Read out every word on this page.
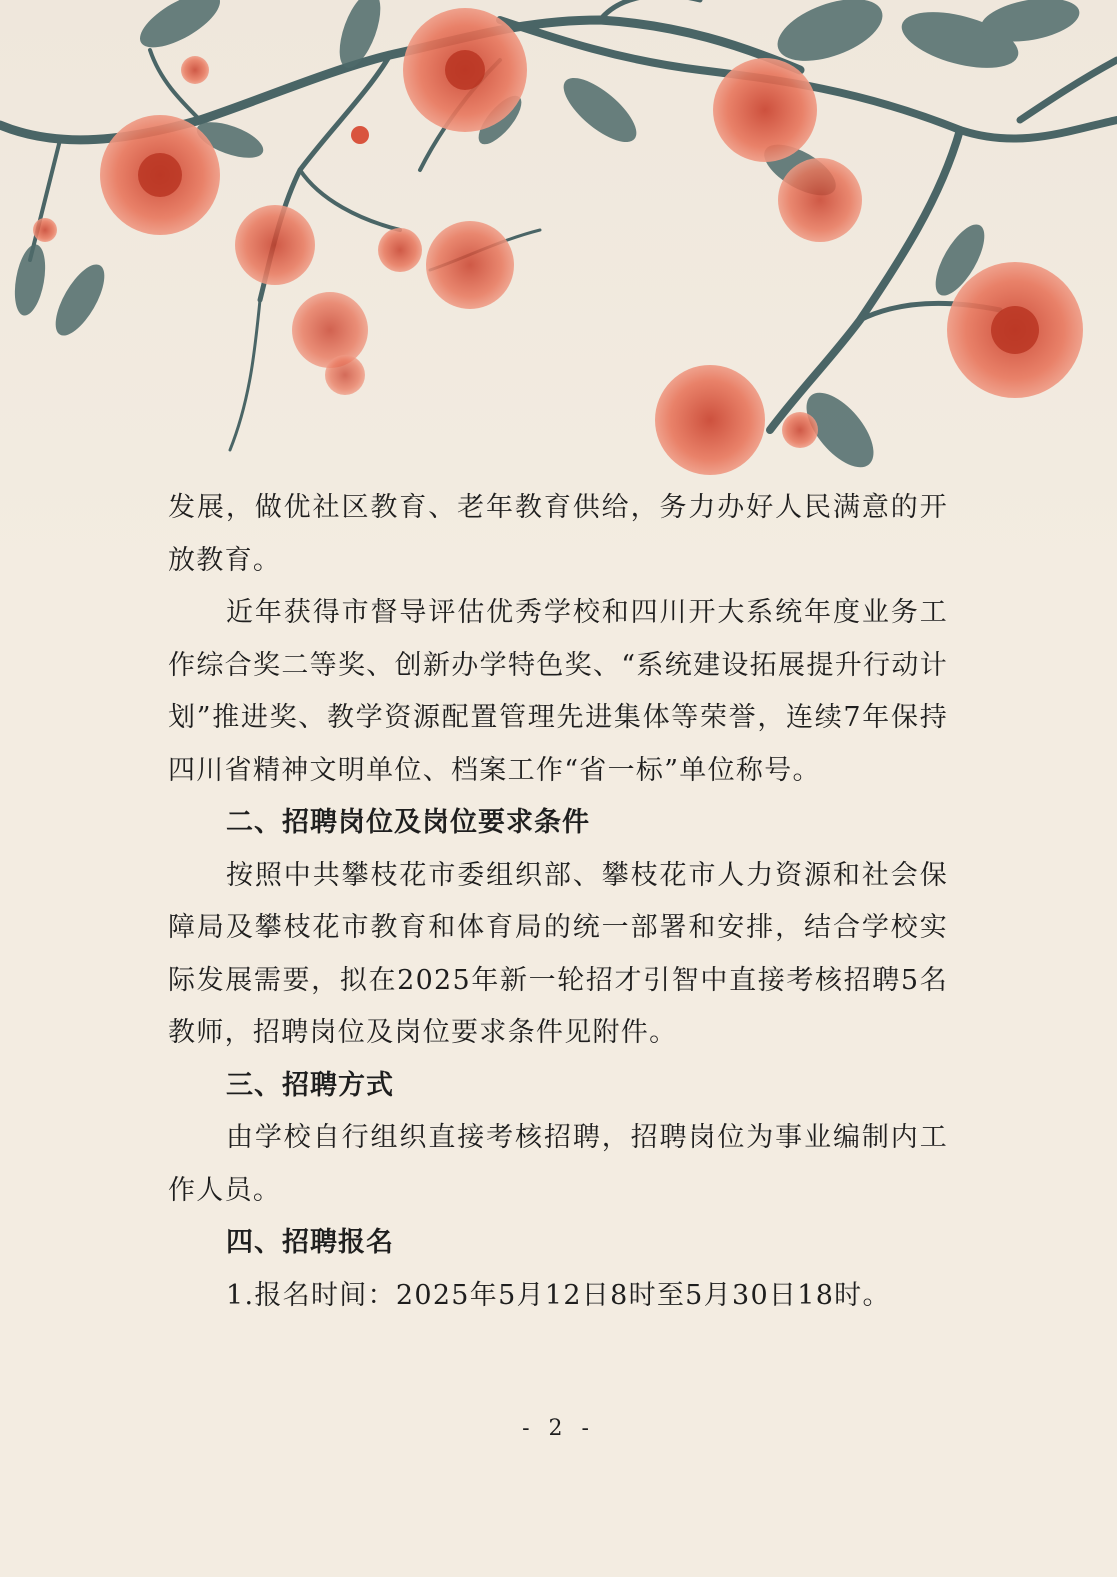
发展，做优社区教育、老年教育供给，务力办好人民满意的开放教育。

近年获得市督导评估优秀学校和四川开大系统年度业务工作综合奖二等奖、创新办学特色奖、“系统建设拓展提升行动计划”推进奖、教学资源配置管理先进集体等荣誉，连续7年保持四川省精神文明单位、档案工作“省一标”单位称号。

二、招聘岗位及岗位要求条件

按照中共攀枝花市委组织部、攀枝花市人力资源和社会保障局及攀枝花市教育和体育局的统一部署和安排，结合学校实际发展需要，拟在2025年新一轮招才引智中直接考核招聘5名教师，招聘岗位及岗位要求条件见附件。

三、招聘方式

由学校自行组织直接考核招聘，招聘岗位为事业编制内工作人员。

四、招聘报名

1.报名时间：2025年5月12日8时至5月30日18时。

- 2 -
